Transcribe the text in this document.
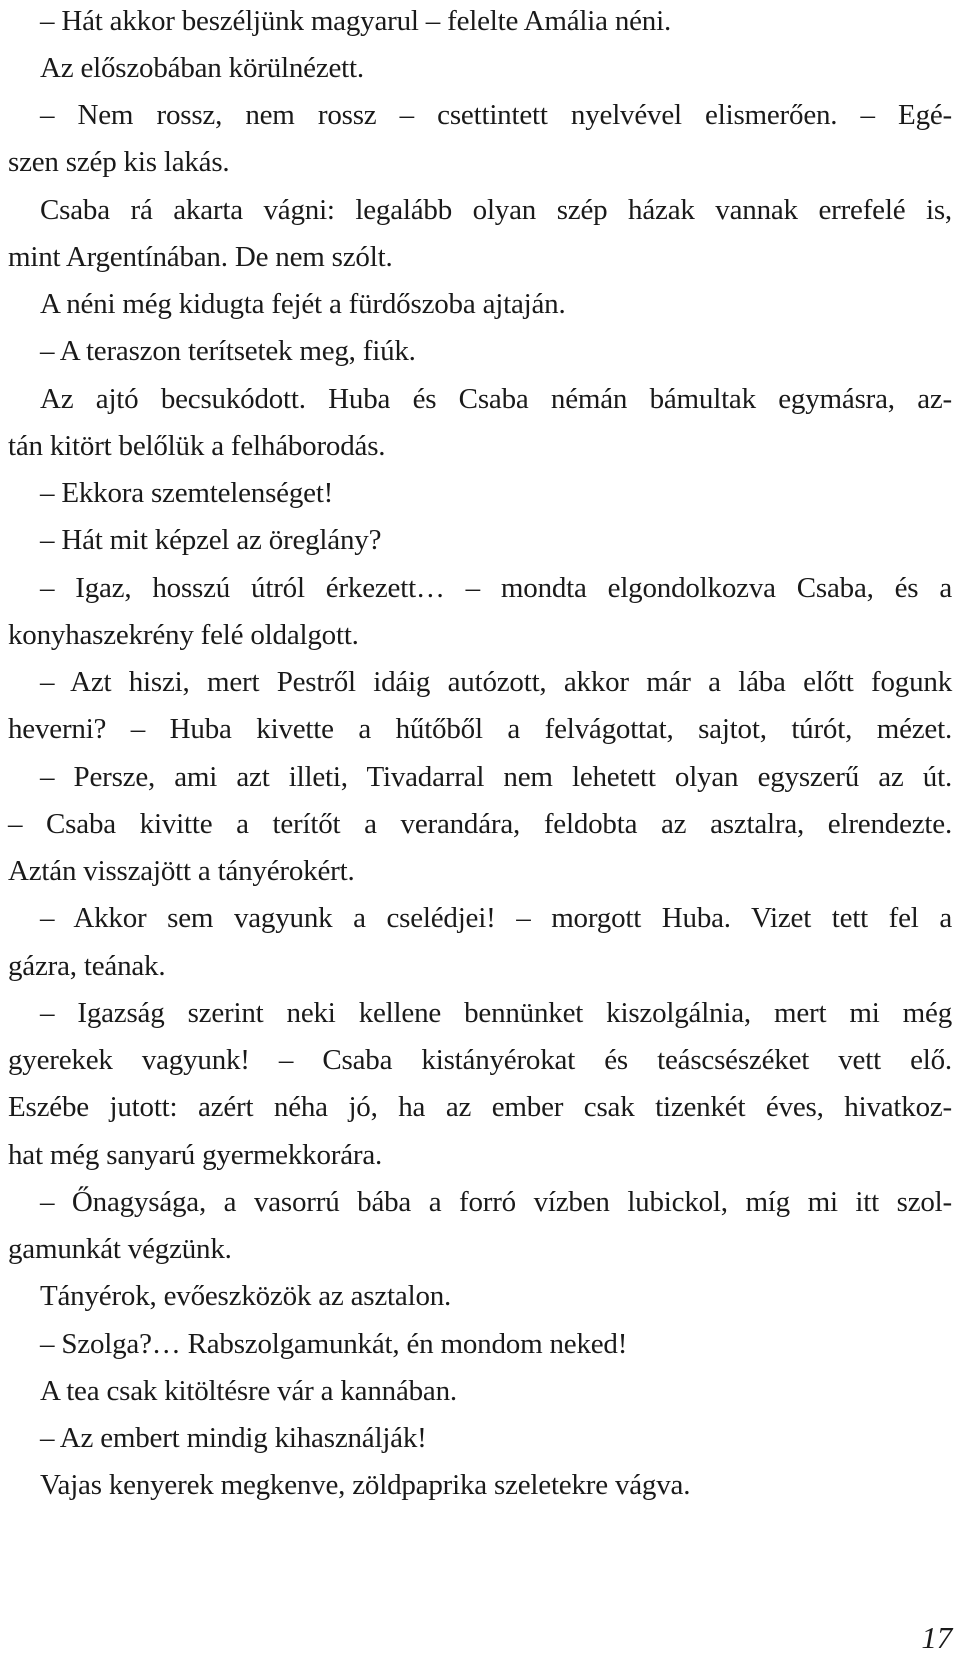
– Hát akkor beszéljünk magyarul – felelte Amália néni.
Az előszobában körülnézett.
– Nem rossz, nem rossz – csettintett nyelvével elismerően. – Egé-
szen szép kis lakás.
Csaba rá akarta vágni: legalább olyan szép házak vannak errefelé is,
mint Argentínában. De nem szólt.
A néni még kidugta fejét a fürdőszoba ajtaján.
– A teraszon terítsetek meg, fiúk.
Az ajtó becsukódott. Huba és Csaba némán bámultak egymásra, az-
tán kitört belőlük a felháborodás.
– Ekkora szemtelenséget!
– Hát mit képzel az öreglány?
– Igaz, hosszú útról érkezett… – mondta elgondolkozva Csaba, és a
konyhaszekrény felé oldalgott.
– Azt hiszi, mert Pestről idáig autózott, akkor már a lába előtt fogunk
heverni? – Huba kivette a hűtőből a felvágottat, sajtot, túrót, mézet.
– Persze, ami azt illeti, Tivadarral nem lehetett olyan egyszerű az út.
– Csaba kivitte a terítőt a verandára, feldobta az asztalra, elrendezte.
Aztán visszajött a tányérokért.
– Akkor sem vagyunk a cselédjei! – morgott Huba. Vizet tett fel a
gázra, teának.
– Igazság szerint neki kellene bennünket kiszolgálnia, mert mi még
gyerekek vagyunk! – Csaba kistányérokat és teáscsészéket vett elő.
Eszébe jutott: azért néha jó, ha az ember csak tizenkét éves, hivatkoz-
hat még sanyarú gyermekkorára.
– Őnagysága, a vasorrú bába a forró vízben lubickol, míg mi itt szol-
gamunkát végzünk.
Tányérok, evőeszközök az asztalon.
– Szolga?… Rabszolgamunkát, én mondom neked!
A tea csak kitöltésre vár a kannában.
– Az embert mindig kihasználják!
Vajas kenyerek megkenve, zöldpaprika szeletekre vágva.
17
